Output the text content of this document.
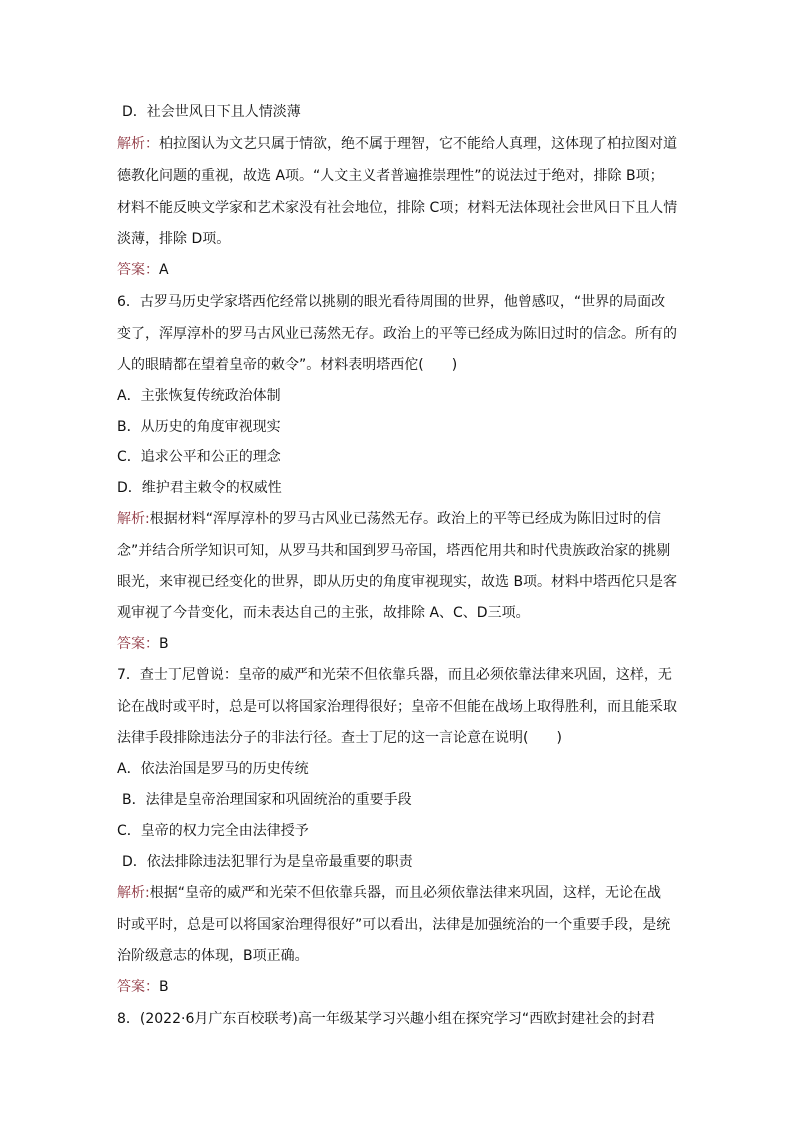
D．社会世风日下且人情淡薄
解析：柏拉图认为文艺只属于情欲，绝不属于理智，它不能给人真理，这体现了柏拉图对道
德教化问题的重视，故选 A项。“人文主义者普遍推崇理性”的说法过于绝对，排除 B项；
材料不能反映文学家和艺术家没有社会地位，排除 C项；材料无法体现社会世风日下且人情
淡薄，排除 D项。
答案：A
6．古罗马历史学家塔西佗经常以挑剔的眼光看待周围的世界，他曾感叹，“世界的局面改
变了，浑厚淳朴的罗马古风业已荡然无存。政治上的平等已经成为陈旧过时的信念。所有的
人的眼睛都在望着皇帝的敕令”。材料表明塔西佗(　　)
A．主张恢复传统政治体制
B．从历史的角度审视现实
C．追求公平和公正的理念
D．维护君主敕令的权威性
解析:根据材料“浑厚淳朴的罗马古风业已荡然无存。政治上的平等已经成为陈旧过时的信
念”并结合所学知识可知，从罗马共和国到罗马帝国，塔西佗用共和时代贵族政治家的挑剔
眼光，来审视已经变化的世界，即从历史的角度审视现实，故选 B项。材料中塔西佗只是客
观审视了今昔变化，而未表达自己的主张，故排除 A、C、D三项。
答案：B
7．查士丁尼曾说：皇帝的威严和光荣不但依靠兵器，而且必须依靠法律来巩固，这样，无
论在战时或平时，总是可以将国家治理得很好；皇帝不但能在战场上取得胜利，而且能采取
法律手段排除违法分子的非法行径。查士丁尼的这一言论意在说明(　　)
A．依法治国是罗马的历史传统
B．法律是皇帝治理国家和巩固统治的重要手段
C．皇帝的权力完全由法律授予
D．依法排除违法犯罪行为是皇帝最重要的职责
解析:根据“皇帝的威严和光荣不但依靠兵器，而且必须依靠法律来巩固，这样，无论在战
时或平时，总是可以将国家治理得很好”可以看出，法律是加强统治的一个重要手段，是统
治阶级意志的体现，B项正确。
答案：B
8．(2022·6月广东百校联考)高一年级某学习兴趣小组在探究学习“西欧封建社会的封君
